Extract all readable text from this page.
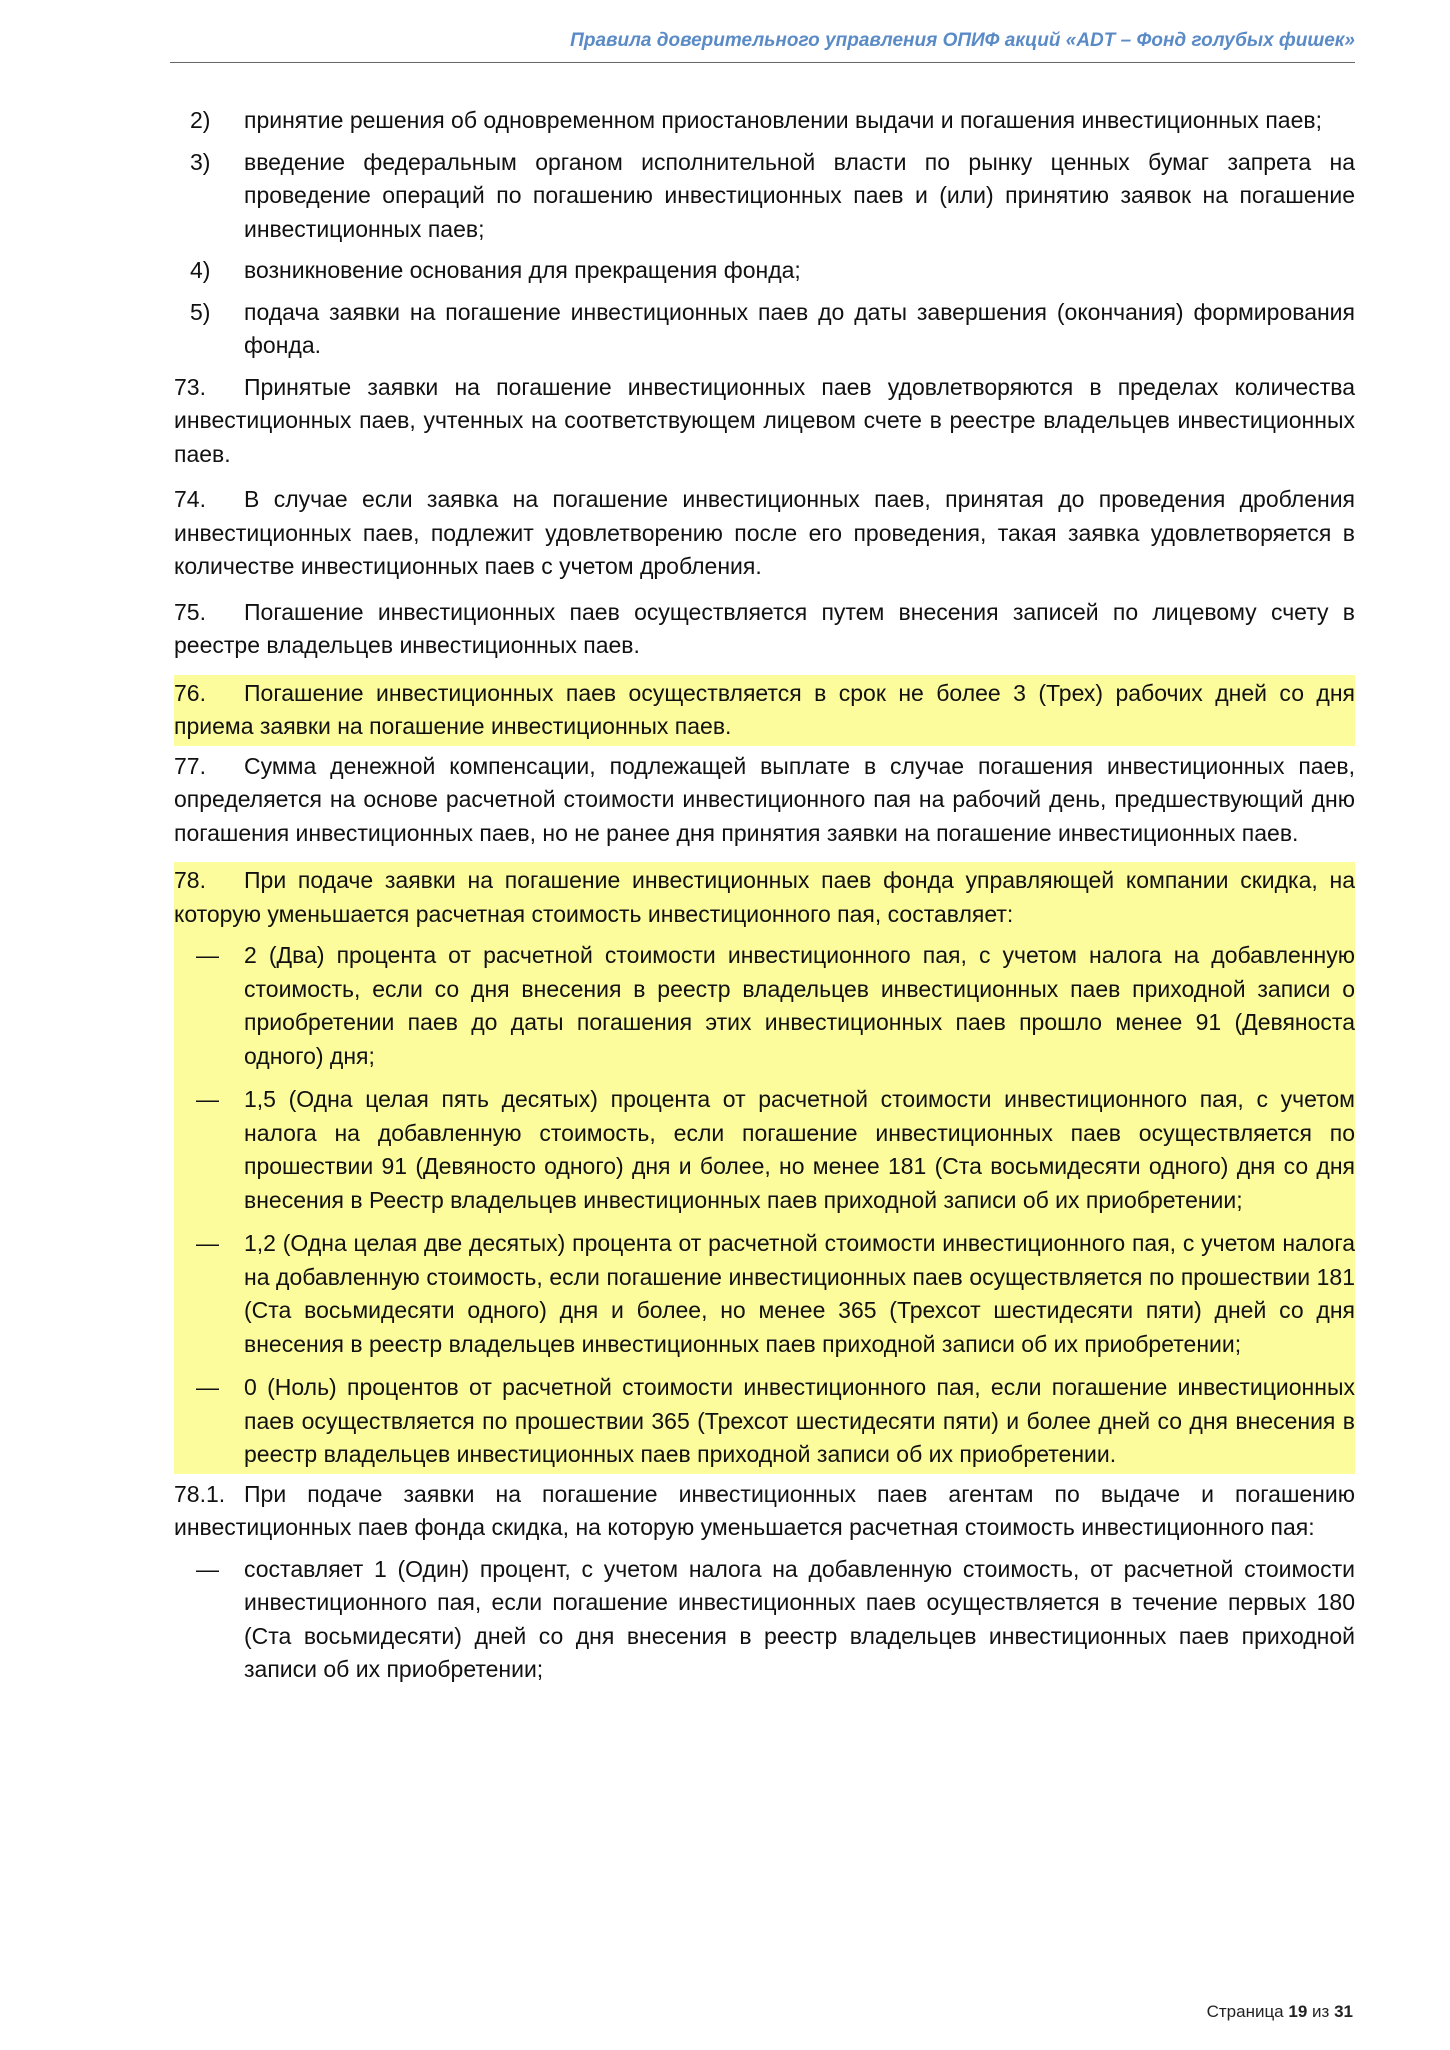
Правила доверительного управления ОПИФ акций «ADT – Фонд голубых фишек»
2) принятие решения об одновременном приостановлении выдачи и погашения инвестиционных паев;
3) введение федеральным органом исполнительной власти по рынку ценных бумаг запрета на проведение операций по погашению инвестиционных паев и (или) принятию заявок на погашение инвестиционных паев;
4) возникновение основания для прекращения фонда;
5) подача заявки на погашение инвестиционных паев до даты завершения (окончания) формирования фонда.
73. Принятые заявки на погашение инвестиционных паев удовлетворяются в пределах количества инвестиционных паев, учтенных на соответствующем лицевом счете в реестре владельцев инвестиционных паев.
74. В случае если заявка на погашение инвестиционных паев, принятая до проведения дробления инвестиционных паев, подлежит удовлетворению после его проведения, такая заявка удовлетворяется в количестве инвестиционных паев с учетом дробления.
75. Погашение инвестиционных паев осуществляется путем внесения записей по лицевому счету в реестре владельцев инвестиционных паев.
76. Погашение инвестиционных паев осуществляется в срок не более 3 (Трех) рабочих дней со дня приема заявки на погашение инвестиционных паев.
77. Сумма денежной компенсации, подлежащей выплате в случае погашения инвестиционных паев, определяется на основе расчетной стоимости инвестиционного пая на рабочий день, предшествующий дню погашения инвестиционных паев, но не ранее дня принятия заявки на погашение инвестиционных паев.
78. При подаче заявки на погашение инвестиционных паев фонда управляющей компании скидка, на которую уменьшается расчетная стоимость инвестиционного пая, составляет:
— 2 (Два) процента от расчетной стоимости инвестиционного пая, с учетом налога на добавленную стоимость, если со дня внесения в реестр владельцев инвестиционных паев приходной записи о приобретении паев до даты погашения этих инвестиционных паев прошло менее 91 (Девяноста одного) дня;
— 1,5 (Одна целая пять десятых) процента от расчетной стоимости инвестиционного пая, с учетом налога на добавленную стоимость, если погашение инвестиционных паев осуществляется по прошествии 91 (Девяносто одного) дня и более, но менее 181 (Ста восьмидесяти одного) дня со дня внесения в Реестр владельцев инвестиционных паев приходной записи об их приобретении;
— 1,2 (Одна целая две десятых) процента от расчетной стоимости инвестиционного пая, с учетом налога на добавленную стоимость, если погашение инвестиционных паев осуществляется по прошествии 181 (Ста восьмидесяти одного) дня и более, но менее 365 (Трехсот шестидесяти пяти) дней со дня внесения в реестр владельцев инвестиционных паев приходной записи об их приобретении;
— 0 (Ноль) процентов от расчетной стоимости инвестиционного пая, если погашение инвестиционных паев осуществляется по прошествии 365 (Трехсот шестидесяти пяти) и более дней со дня внесения в реестр владельцев инвестиционных паев приходной записи об их приобретении.
78.1. При подаче заявки на погашение инвестиционных паев агентам по выдаче и погашению инвестиционных паев фонда скидка, на которую уменьшается расчетная стоимость инвестиционного пая:
— составляет 1 (Один) процент, с учетом налога на добавленную стоимость, от расчетной стоимости инвестиционного пая, если погашение инвестиционных паев осуществляется в течение первых 180 (Ста восьмидесяти) дней со дня внесения в реестр владельцев инвестиционных паев приходной записи об их приобретении;
Страница 19 из 31
